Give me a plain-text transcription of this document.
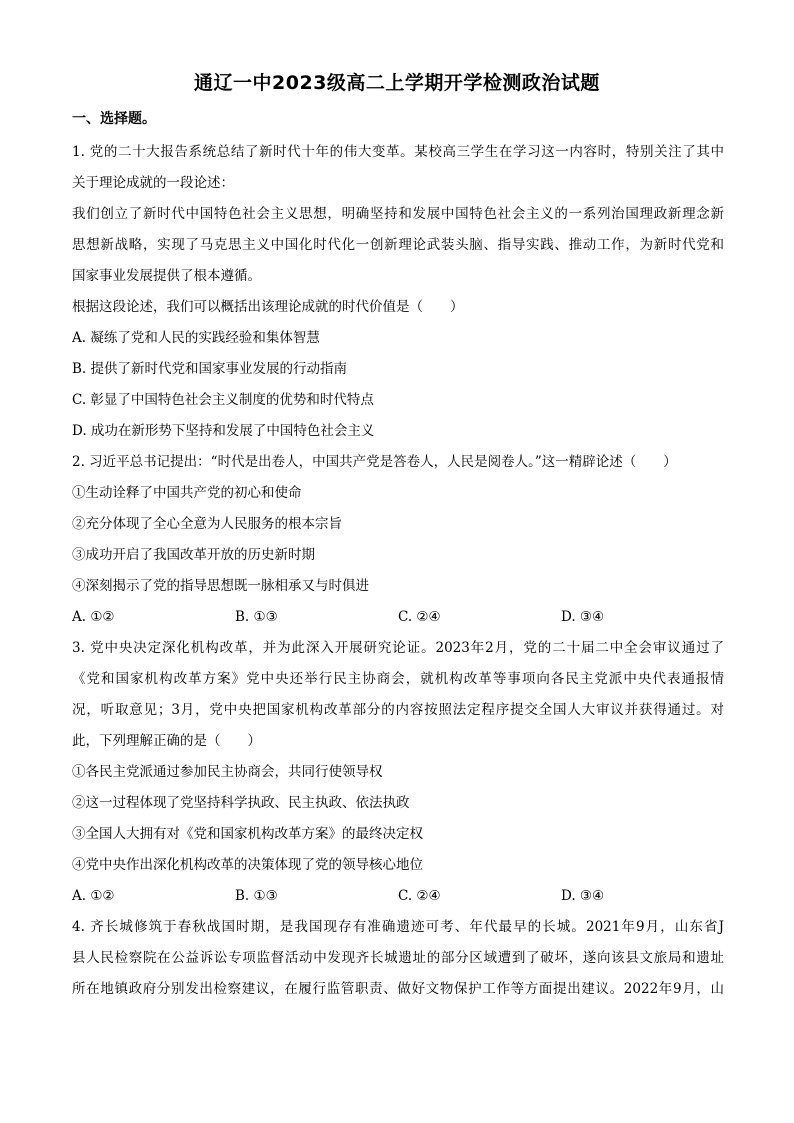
通辽一中2023级高二上学期开学检测政治试题
一、选择题。
1. 党的二十大报告系统总结了新时代十年的伟大变革。某校高三学生在学习这一内容时，特别关注了其中
关于理论成就的一段论述：
我们创立了新时代中国特色社会主义思想，明确坚持和发展中国特色社会主义的一系列治国理政新理念新
思想新战略，实现了马克思主义中国化时代化一创新理论武装头脑、指导实践、推动工作，为新时代党和
国家事业发展提供了根本遵循。
根据这段论述，我们可以概括出该理论成就的时代价值是（　　）
A. 凝练了党和人民的实践经验和集体智慧
B. 提供了新时代党和国家事业发展的行动指南
C. 彰显了中国特色社会主义制度的优势和时代特点
D. 成功在新形势下坚持和发展了中国特色社会主义
2. 习近平总书记提出：“时代是出卷人，中国共产党是答卷人，人民是阅卷人。”这一精辟论述（　　）
①生动诠释了中国共产党的初心和使命
②充分体现了全心全意为人民服务的根本宗旨
③成功开启了我国改革开放的历史新时期
④深刻揭示了党的指导思想既一脉相承又与时俱进
A. ①②	B. ①③	C. ②④	D. ③④
3. 党中央决定深化机构改革，并为此深入开展研究论证。2023年2月，党的二十届二中全会审议通过了
《党和国家机构改革方案》党中央还举行民主协商会，就机构改革等事项向各民主党派中央代表通报情
况，听取意见；3月，党中央把国家机构改革部分的内容按照法定程序提交全国人大审议并获得通过。对
此，下列理解正确的是（　　）
①各民主党派通过参加民主协商会，共同行使领导权
②这一过程体现了党坚持科学执政、民主执政、依法执政
③全国人大拥有对《党和国家机构改革方案》的最终决定权
④党中央作出深化机构改革的决策体现了党的领导核心地位
A. ①②	B. ①③	C. ②④	D. ③④
4. 齐长城修筑于春秋战国时期，是我国现存有准确遗迹可考、年代最早的长城。2021年9月，山东省J
县人民检察院在公益诉讼专项监督活动中发现齐长城遗址的部分区域遭到了破坏，遂向该县文旅局和遗址
所在地镇政府分别发出检察建议，在履行监管职责、做好文物保护工作等方面提出建议。2022年9月，山
